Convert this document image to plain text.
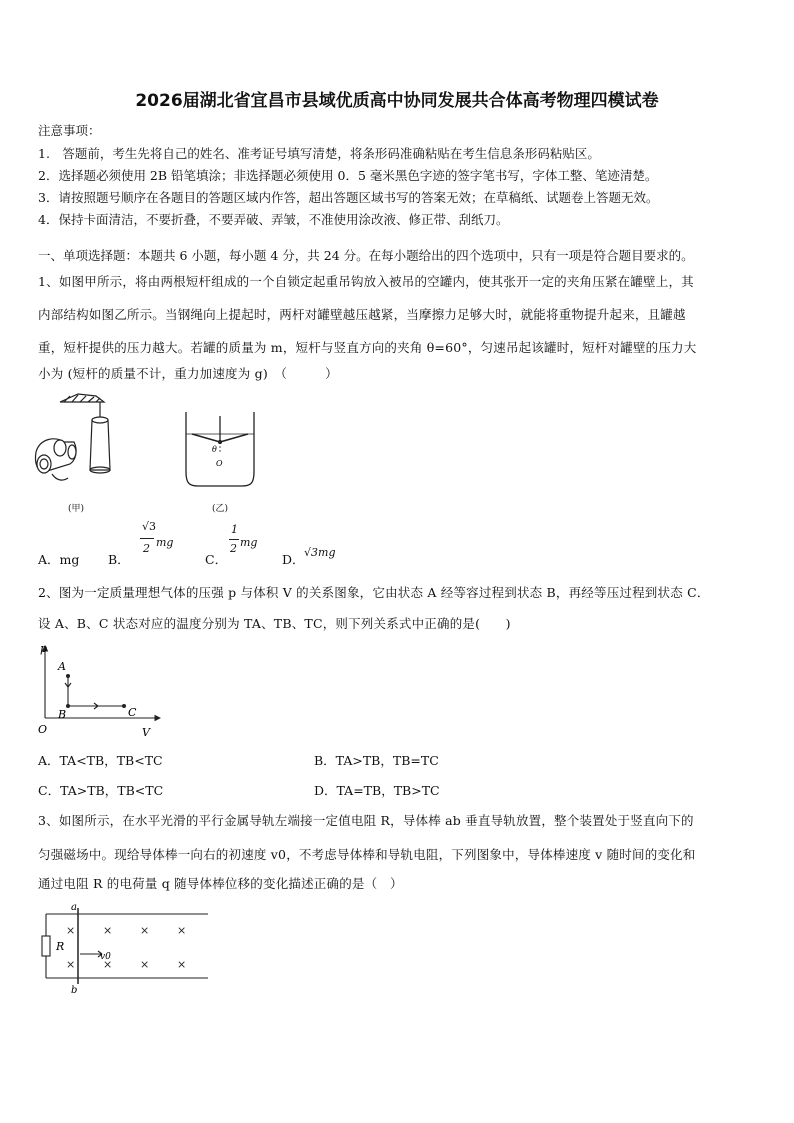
2026届湖北省宜昌市县域优质高中协同发展共合体高考物理四模试卷
注意事项：
1.　答题前，考生先将自己的姓名、准考证号填写清楚，将条形码准确粘贴在考生信息条形码粘贴区。
2．选择题必须使用 2B 铅笔填涂；非选择题必须使用 0．5 毫米黑色字迹的签字笔书写，字体工整、笔迹清楚。
3．请按照题号顺序在各题目的答题区域内作答，超出答题区域书写的答案无效；在草稿纸、试题卷上答题无效。
4．保持卡面清洁，不要折叠，不要弄破、弄皱，不准使用涂改液、修正带、刮纸刀。
一、单项选择题：本题共 6 小题，每小题 4 分，共 24 分。在每小题给出的四个选项中，只有一项是符合题目要求的。
1、如图甲所示，将由两根短杆组成的一个自锁定起重吊钩放入被吊的空罐内，使其张开一定的夹角压紧在罐壁上，其
内部结构如图乙所示。当钢绳向上提起时，两杆对罐壁越压越紧，当摩擦力足够大时，就能将重物提升起来，且罐越
重，短杆提供的压力越大。若罐的质量为 m，短杆与竖直方向的夹角 θ=60°，匀速吊起该罐时，短杆对罐壁的压力大
小为 (短杆的质量不计，重力加速度为 g)　（　　　）
(甲)
θ
O
(乙)
A．mg B．
√3
2 mg
C．
1
2 mg
D． √3mg
2、图为一定质量理想气体的压强 p 与体积 V 的关系图象，它由状态 A 经等容过程到状态 B，再经等压过程到状态 C．
设 A、B、C 状态对应的温度分别为 TA、TB、TC，则下列关系式中正确的是(　　)
p
V
O
A
B	C
A．TA<TB，TB<TC	B．TA>TB，TB=TC
C．TA>TB，TB<TC	D．TA=TB，TB>TC
3、如图所示，在水平光滑的平行金属导轨左端接一定值电阻 R，导体棒 ab 垂直导轨放置，整个装置处于竖直向下的
匀强磁场中。现给导体棒一向右的初速度 v0，不考虑导体棒和导轨电阻，下列图象中，导体棒速度 v 随时间的变化和
通过电阻 R 的电荷量 q 随导体棒位移的变化描述正确的是（　）
R
a
b
v0
×	×	×	×
×	×	×	×
